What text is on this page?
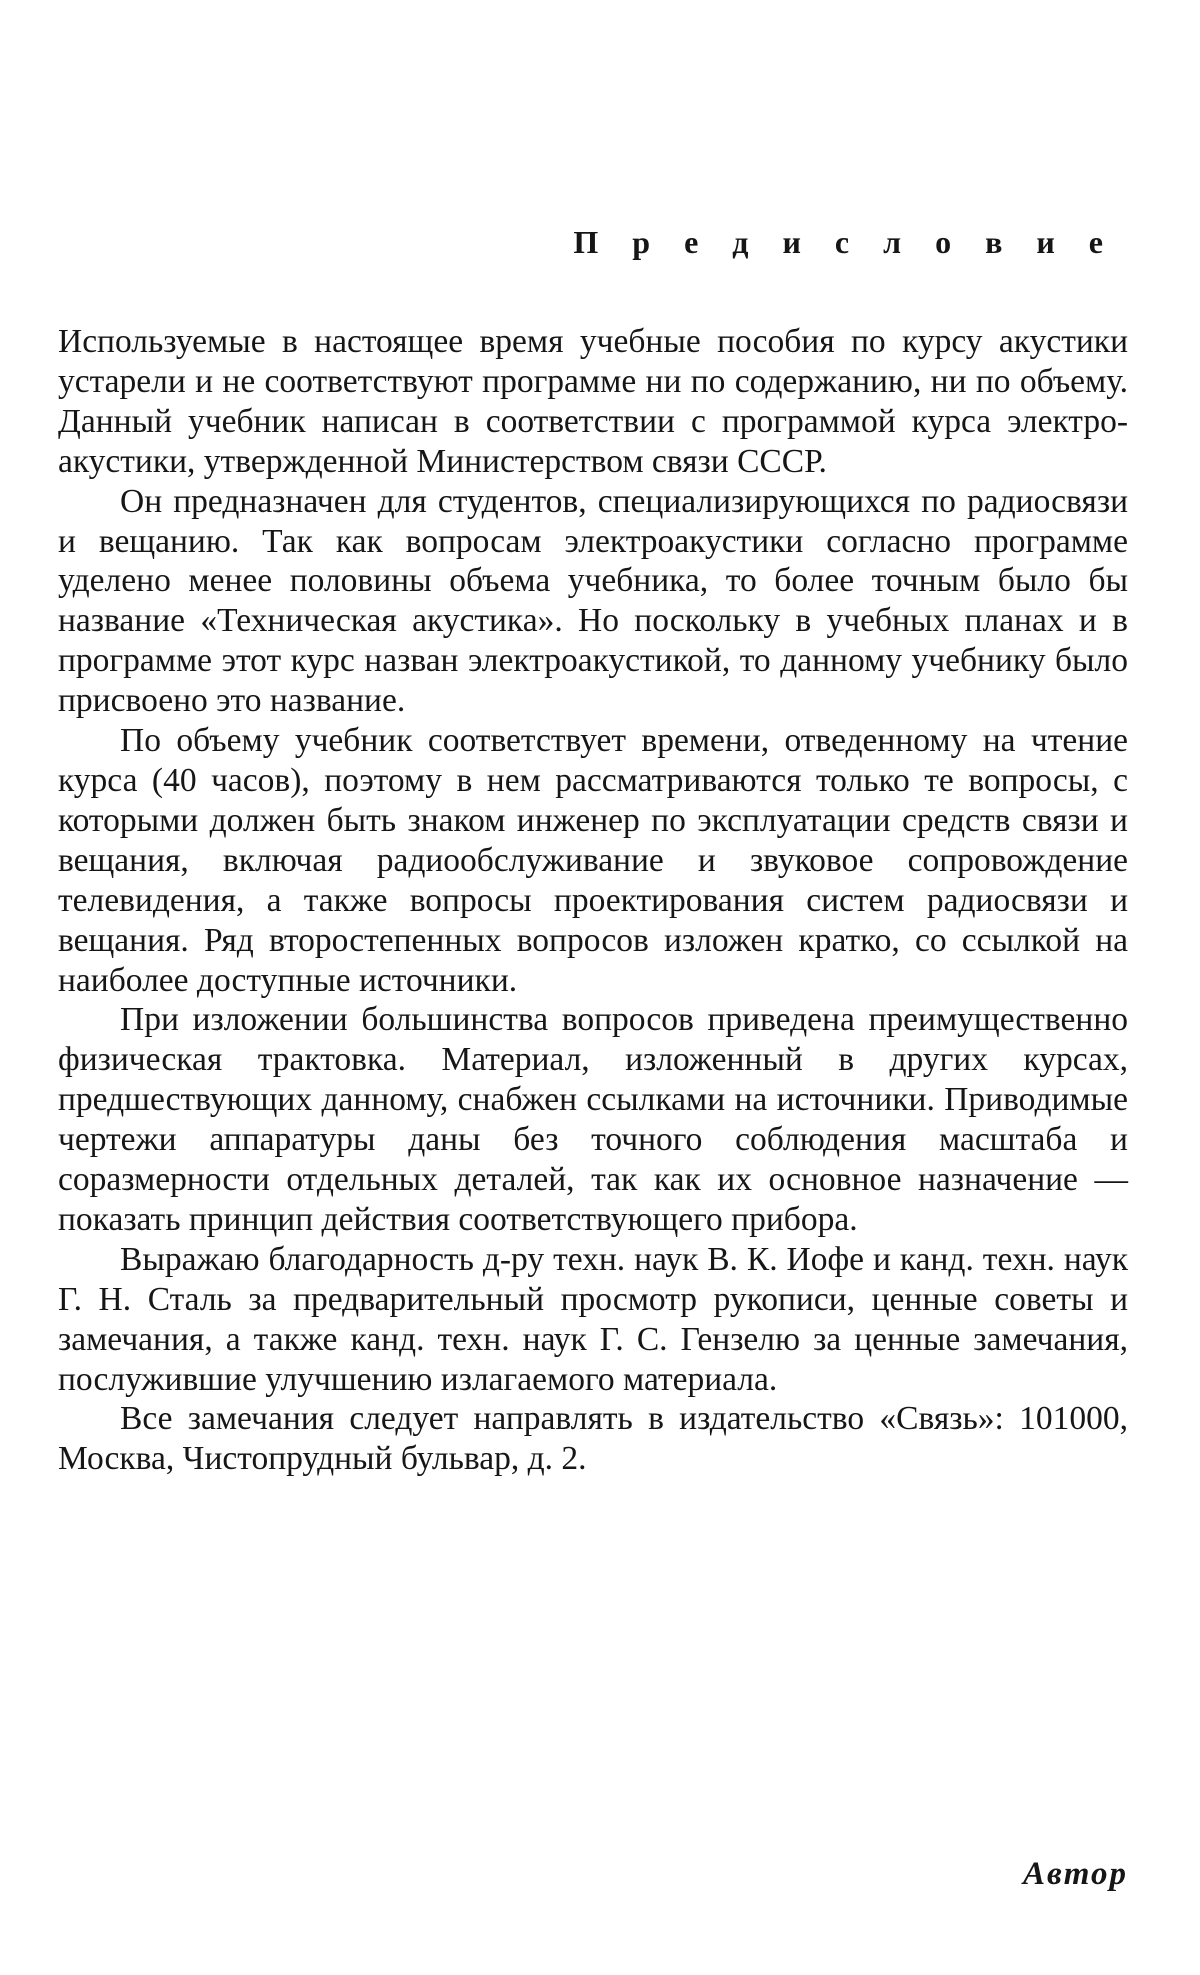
П р е д и с л о в и е

Используемые в настоящее время учебные пособия по курсу акустики устарели и не соответствуют программе ни по содержанию, ни по объему. Данный учебник написан в соответствии с программой курса электроакустики, утвержденной Министерством связи СССР.

Он предназначен для студентов, специализирующихся по радиосвязи и вещанию. Так как вопросам электроакустики согласно программе уделено менее половины объема учебника, то более точным было бы название «Техническая акустика». Но поскольку в учебных планах и в программе этот курс назван электроакустикой, то данному учебнику было присвоено это название.

По объему учебник соответствует времени, отведенному на чтение курса (40 часов), поэтому в нем рассматриваются только те вопросы, с которыми должен быть знаком инженер по эксплуатации средств связи и вещания, включая радиообслуживание и звуковое сопровождение телевидения, а также вопросы проектирования систем радиосвязи и вещания. Ряд второстепенных вопросов изложен кратко, со ссылкой на наиболее доступные источники.

При изложении большинства вопросов приведена преимущественно физическая трактовка. Материал, изложенный в других курсах, предшествующих данному, снабжен ссылками на источники. Приводимые чертежи аппаратуры даны без точного соблюдения масштаба и соразмерности отдельных деталей, так как их основное назначение — показать принцип действия соответствующего прибора.

Выражаю благодарность д-ру техн. наук В. К. Иофе и канд. техн. наук Г. Н. Сталь за предварительный просмотр рукописи, ценные советы и замечания, а также канд. техн. наук Г. С. Гензелю за ценные замечания, послужившие улучшению излагаемого материала.

Все замечания следует направлять в издательство «Связь»: 101000, Москва, Чистопрудный бульвар, д. 2.

Автор
